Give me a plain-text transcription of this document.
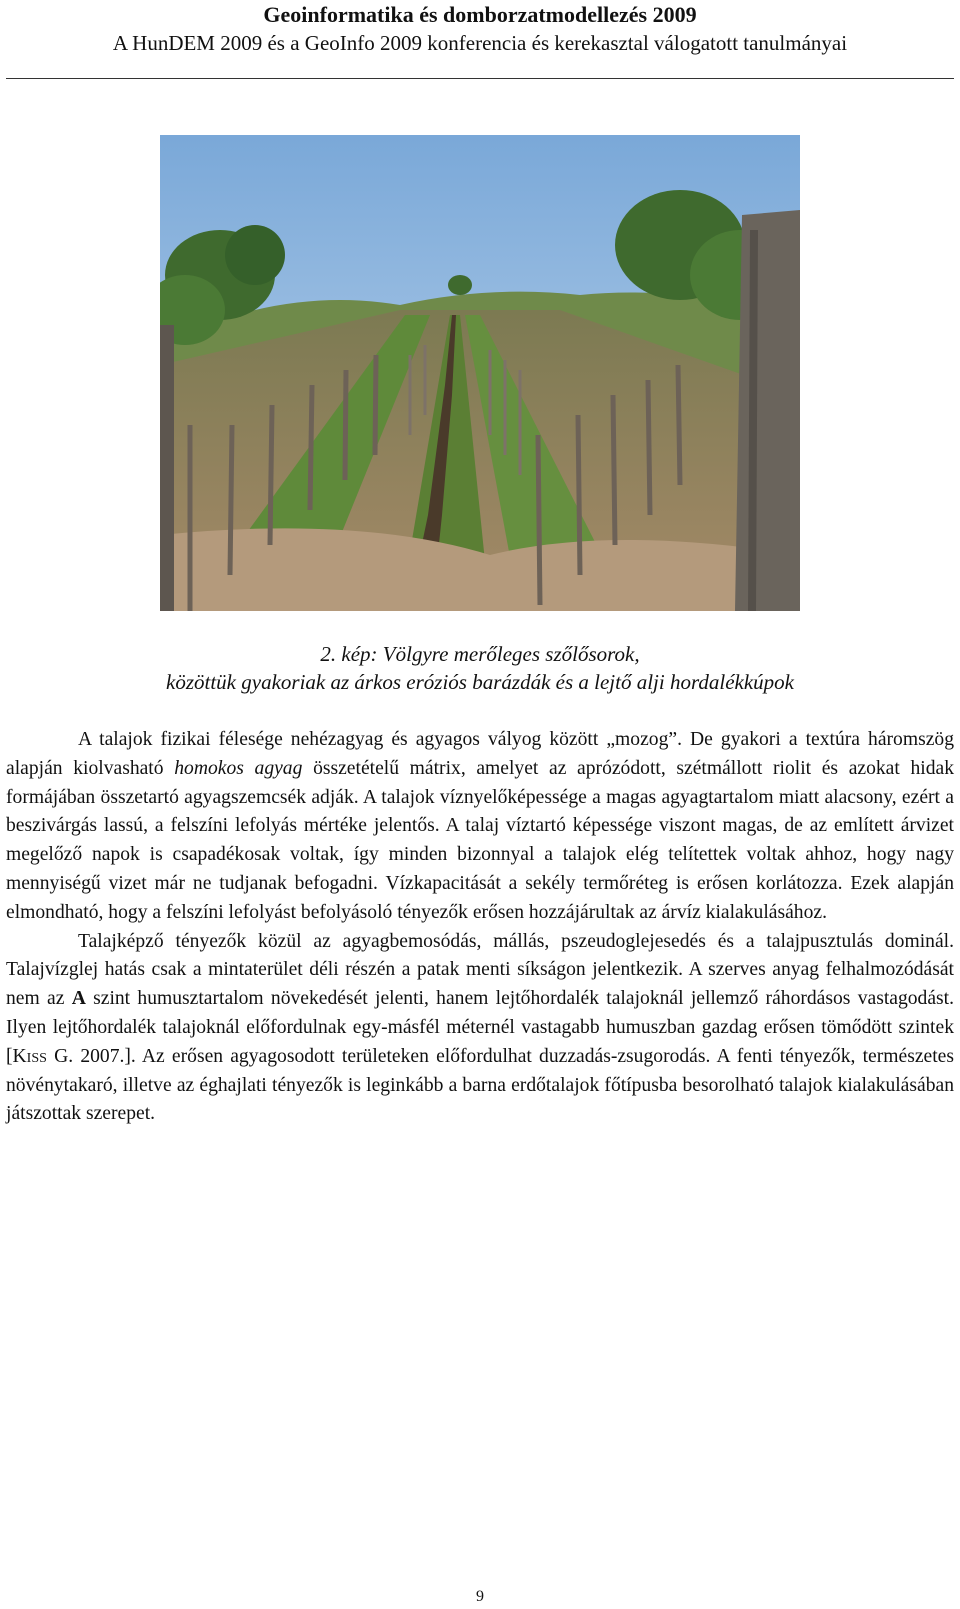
Geoinformatika és domborzatmodellezés 2009
A HunDEM 2009 és a GeoInfo 2009 konferencia és kerekasztal válogatott tanulmányai
2. kép: Völgyre merőleges szőlősorok,
közöttük gyakoriak az árkos eróziós barázdák és a lejtő alji hordalékkúpok

A talajok fizikai félesége nehézagyag és agyagos vályog között „mozog”. De gyakori a textúra háromszög alapján kiolvasható homokos agyag összetételű mátrix, amelyet az aprózódott, szétmállott riolit és azokat hidak formájában összetartó agyagszemcsék adják. A talajok víznyelőképessége a magas agyagtartalom miatt alacsony, ezért a beszivárgás lassú, a felszíni lefolyás mértéke jelentős. A talaj víztartó képessége viszont magas, de az említett árvizet megelőző napok is csapadékosak voltak, így minden bizonnyal a talajok elég telítettek voltak ahhoz, hogy nagy mennyiségű vizet már ne tudjanak befogadni. Vízkapacitását a sekély termőréteg is erősen korlátozza. Ezek alapján elmondható, hogy a felszíni lefolyást befolyásoló tényezők erősen hozzájárultak az árvíz kialakulásához.

Talajképző tényezők közül az agyagbemosódás, mállás, pszeudoglejesedés és a talajpusztulás dominál. Talajvízglej hatás csak a mintaterület déli részén a patak menti síkságon jelentkezik. A szerves anyag felhalmozódását nem az A szint humusztartalom növekedését jelenti, hanem lejtőhordalék talajoknál jellemző ráhordásos vastagodást. Ilyen lejtőhordalék talajoknál előfordulnak egy-másfél méternél vastagabb humuszban gazdag erősen tömődött szintek [Kiss G. 2007.]. Az erősen agyagosodott területeken előfordulhat duzzadás-zsugorodás. A fenti tényezők, természetes növénytakaró, illetve az éghajlati tényezők is leginkább a barna erdőtalajok főtípusba besorolható talajok kialakulásában játszottak szerepet.

9
